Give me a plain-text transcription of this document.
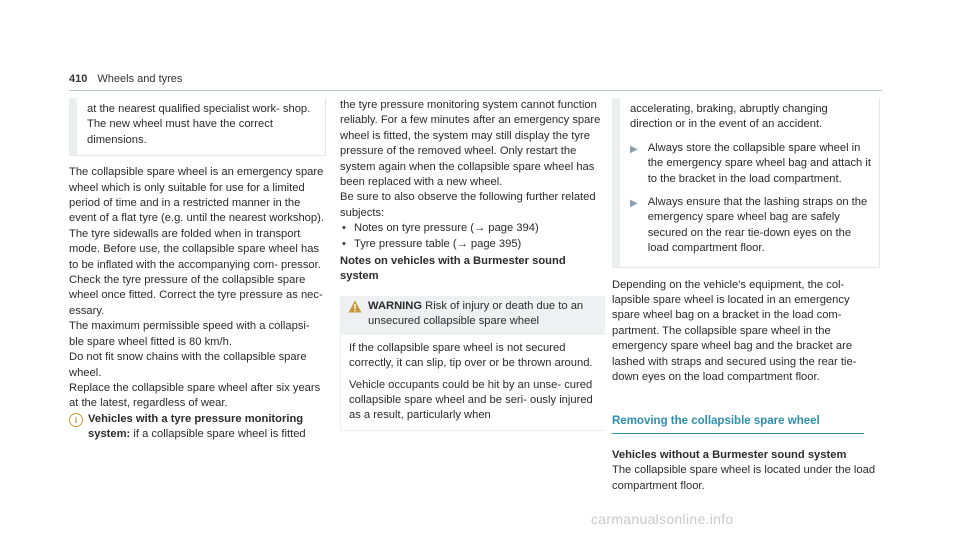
410 Wheels and tyres

at the nearest qualified specialist work- shop. The new wheel must have the correct dimensions.

The collapsible spare wheel is an emergency spare wheel which is only suitable for use for a limited period of time and in a restricted manner in the event of a flat tyre (e.g. until the nearest workshop).

The tyre sidewalls are folded when in transport mode. Before use, the collapsible spare wheel has to be inflated with the accompanying com- pressor.

Check the tyre pressure of the collapsible spare wheel once fitted. Correct the tyre pressure as nec- essary.

The maximum permissible speed with a collapsi- ble spare wheel fitted is 80 km/h.

Do not fit snow chains with the collapsible spare wheel.

Replace the collapsible spare wheel after six years at the latest, regardless of wear.

i Vehicles with a tyre pressure monitoring system: if a collapsible spare wheel is fitted

the tyre pressure monitoring system cannot function reliably. For a few minutes after an emergency spare wheel is fitted, the system may still display the tyre pressure of the removed wheel. Only restart the system again when the collapsible spare wheel has been replaced with a new wheel.

Be sure to also observe the following further related subjects:

• Notes on tyre pressure (→ page 394)
• Tyre pressure table (→ page 395)

Notes on vehicles with a Burmester sound system

WARNING Risk of injury or death due to an unsecured collapsible spare wheel

If the collapsible spare wheel is not secured correctly, it can slip, tip over or be thrown around.

Vehicle occupants could be hit by an unse- cured collapsible spare wheel and be seri- ously injured as a result, particularly when

accelerating, braking, abruptly changing direction or in the event of an accident.

▶ Always store the collapsible spare wheel in the emergency spare wheel bag and attach it to the bracket in the load compartment.

▶ Always ensure that the lashing straps on the emergency spare wheel bag are safely secured on the rear tie-down eyes on the load compartment floor.

Depending on the vehicle's equipment, the col- lapsible spare wheel is located in an emergency spare wheel bag on a bracket in the load com- partment. The collapsible spare wheel in the emergency spare wheel bag and the bracket are lashed with straps and secured using the rear tie-down eyes on the load compartment floor.

Removing the collapsible spare wheel

Vehicles without a Burmester sound system

The collapsible spare wheel is located under the load compartment floor.

carmanualsonline.info
